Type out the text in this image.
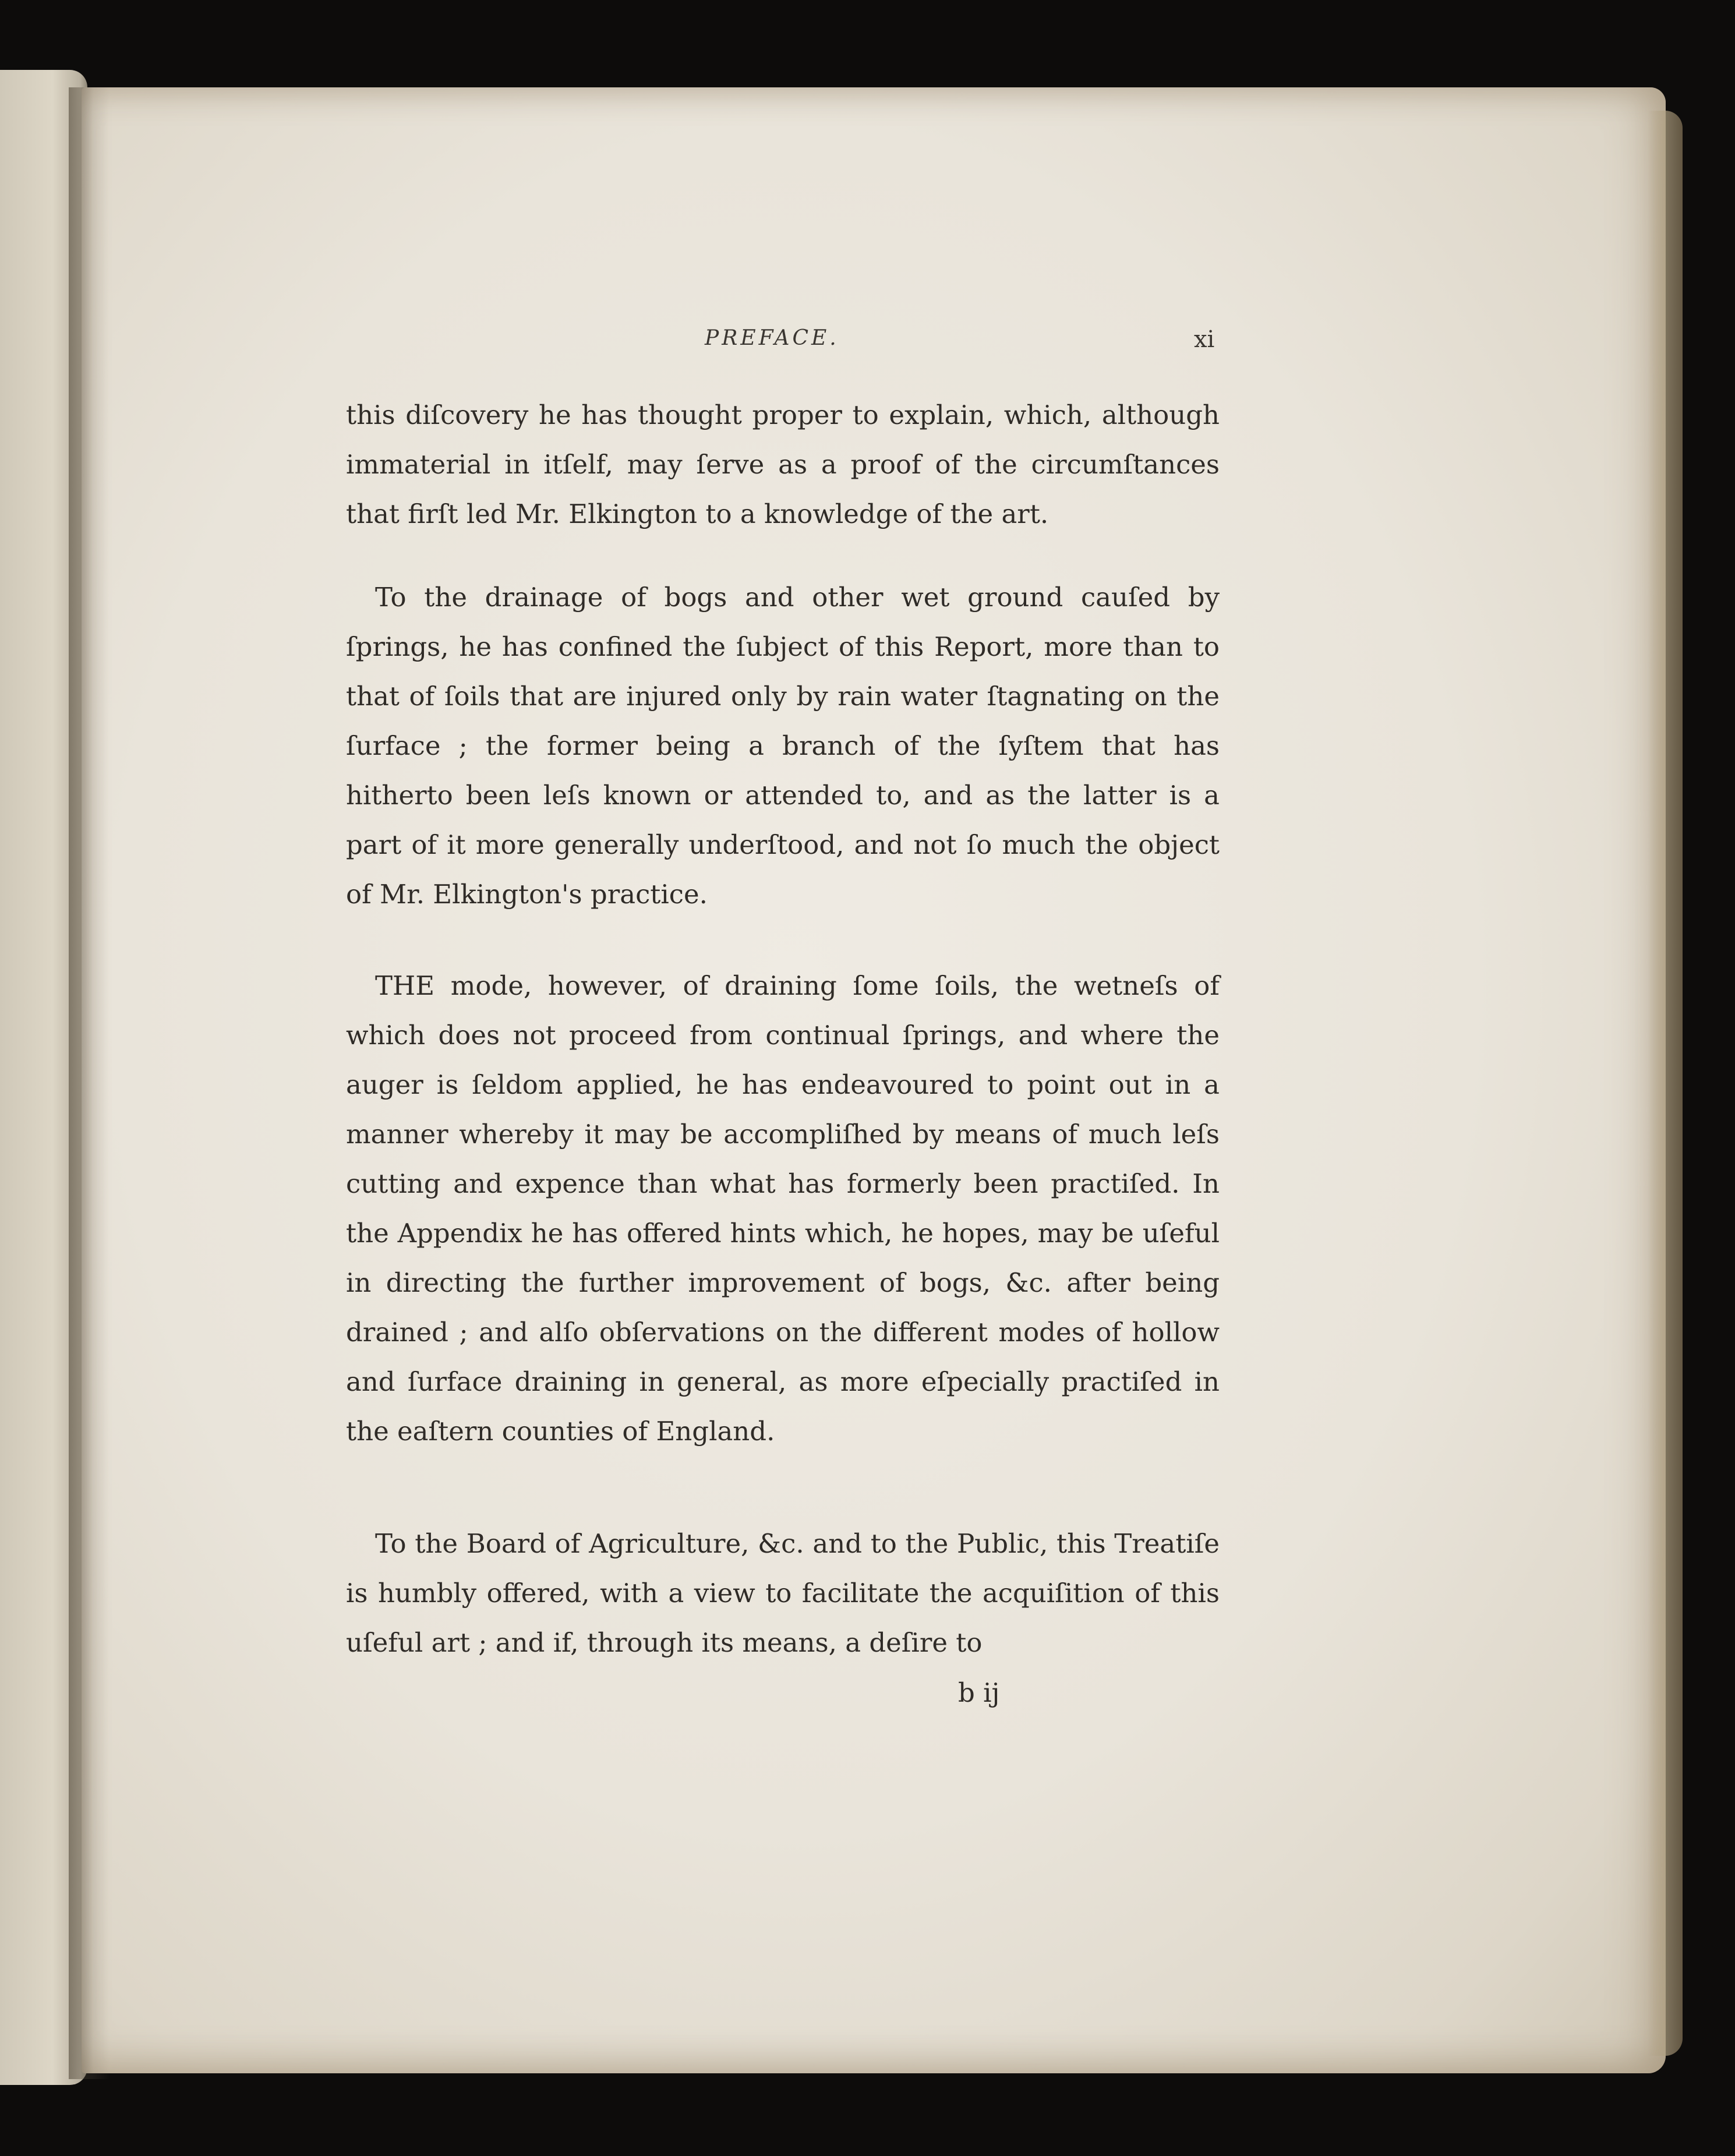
PREFACE.	xi

this diſcovery he has thought proper to explain, which, although immaterial in itſelf, may ſerve as a proof of the circumſtances that firſt led Mr. Elkington to a knowledge of the art.

To the drainage of bogs and other wet ground cauſed by ſprings, he has confined the ſubject of this Report, more than to that of ſoils that are injured only by rain water ſtagnating on the ſurface ; the former being a branch of the ſyſtem that has hitherto been leſs known or attended to, and as the latter is a part of it more generally underſtood, and not ſo much the object of Mr. Elkington's practice.

THE mode, however, of draining ſome ſoils, the wetneſs of which does not proceed from continual ſprings, and where the auger is ſeldom applied, he has endeavoured to point out in a manner whereby it may be accompliſhed by means of much leſs cutting and expence than what has formerly been practiſed. In the Appendix he has offered hints which, he hopes, may be uſeful in directing the further improvement of bogs, &c. after being drained ; and alſo obſervations on the different modes of hollow and ſurface draining in general, as more eſpecially practiſed in the eaſtern counties of England.

To the Board of Agriculture, &c. and to the Public, this Treatiſe is humbly offered, with a view to facilitate the acquiſition of this uſeful art ; and if, through its means, a deſire to

b ij
